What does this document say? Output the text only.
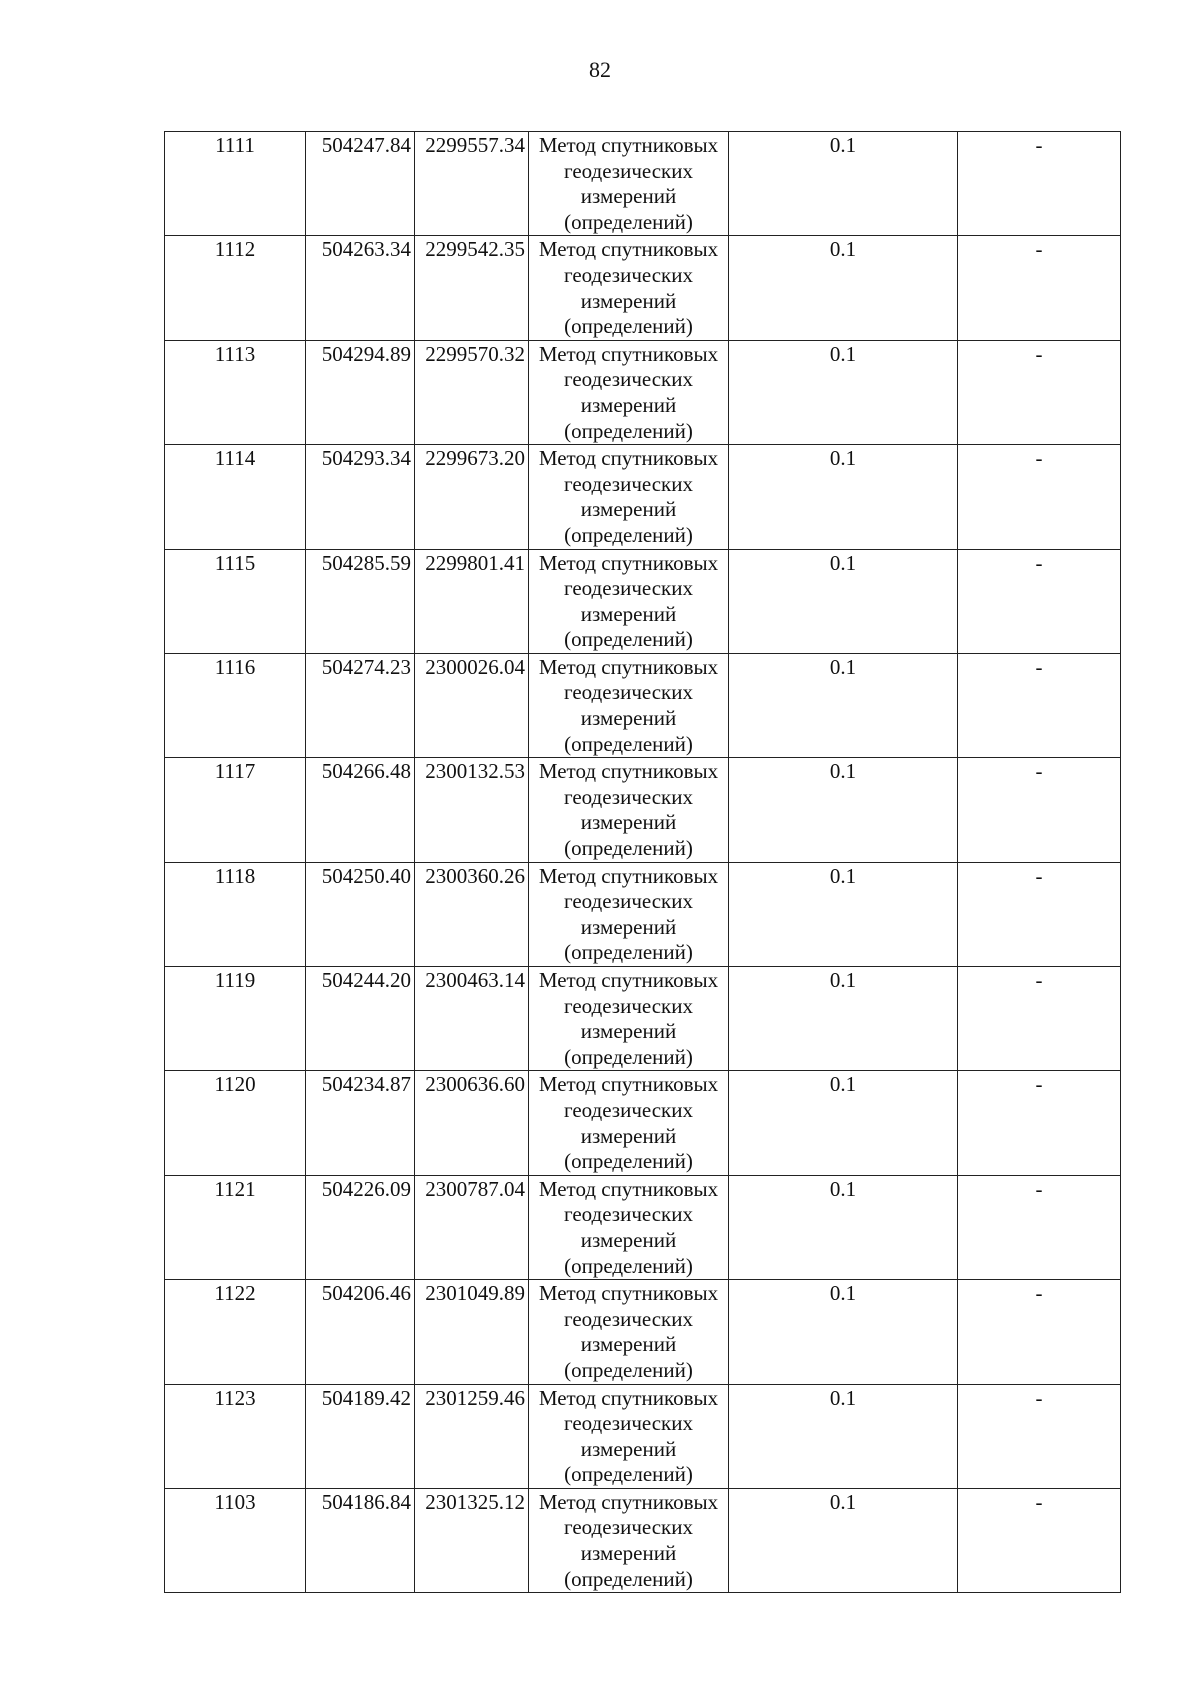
82
1111	504247.84	2299557.34	Метод спутниковых
геодезических
измерений
(определений)	0.1	-
1112	504263.34	2299542.35	Метод спутниковых
геодезических
измерений
(определений)	0.1	-
1113	504294.89	2299570.32	Метод спутниковых
геодезических
измерений
(определений)	0.1	-
1114	504293.34	2299673.20	Метод спутниковых
геодезических
измерений
(определений)	0.1	-
1115	504285.59	2299801.41	Метод спутниковых
геодезических
измерений
(определений)	0.1	-
1116	504274.23	2300026.04	Метод спутниковых
геодезических
измерений
(определений)	0.1	-
1117	504266.48	2300132.53	Метод спутниковых
геодезических
измерений
(определений)	0.1	-
1118	504250.40	2300360.26	Метод спутниковых
геодезических
измерений
(определений)	0.1	-
1119	504244.20	2300463.14	Метод спутниковых
геодезических
измерений
(определений)	0.1	-
1120	504234.87	2300636.60	Метод спутниковых
геодезических
измерений
(определений)	0.1	-
1121	504226.09	2300787.04	Метод спутниковых
геодезических
измерений
(определений)	0.1	-
1122	504206.46	2301049.89	Метод спутниковых
геодезических
измерений
(определений)	0.1	-
1123	504189.42	2301259.46	Метод спутниковых
геодезических
измерений
(определений)	0.1	-
1103	504186.84	2301325.12	Метод спутниковых
геодезических
измерений
(определений)	0.1	-
